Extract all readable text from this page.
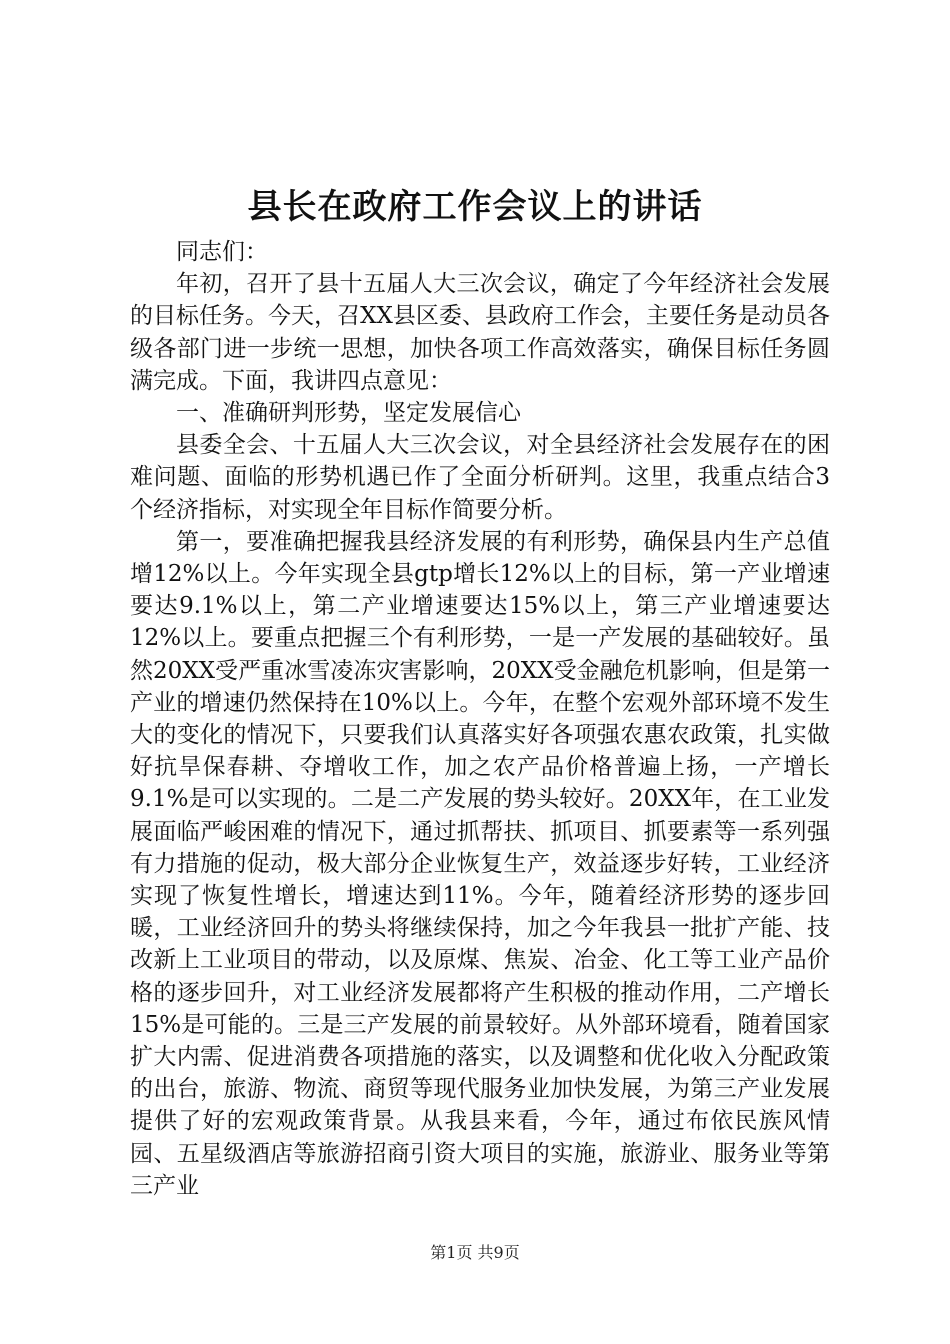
县长在政府工作会议上的讲话

同志们：

年初，召开了县十五届人大三次会议，确定了今年经济社会发展的目标任务。今天，召XX县区委、县政府工作会，主要任务是动员各级各部门进一步统一思想，加快各项工作高效落实，确保目标任务圆满完成。下面，我讲四点意见：

一、准确研判形势，坚定发展信心

县委全会、十五届人大三次会议，对全县经济社会发展存在的困难问题、面临的形势机遇已作了全面分析研判。这里，我重点结合3个经济指标，对实现全年目标作简要分析。

第一，要准确把握我县经济发展的有利形势，确保县内生产总值增12%以上。今年实现全县gtp增长12%以上的目标，第一产业增速要达9.1%以上，第二产业增速要达15%以上，第三产业增速要达12%以上。要重点把握三个有利形势，一是一产发展的基础较好。虽然20XX受严重冰雪凌冻灾害影响，20XX受金融危机影响，但是第一产业的增速仍然保持在10%以上。今年，在整个宏观外部环境不发生大的变化的情况下，只要我们认真落实好各项强农惠农政策，扎实做好抗旱保春耕、夺增收工作，加之农产品价格普遍上扬，一产增长9.1%是可以实现的。二是二产发展的势头较好。20XX年，在工业发展面临严峻困难的情况下，通过抓帮扶、抓项目、抓要素等一系列强有力措施的促动，极大部分企业恢复生产，效益逐步好转，工业经济实现了恢复性增长，增速达到11%。今年，随着经济形势的逐步回暖，工业经济回升的势头将继续保持，加之今年我县一批扩产能、技改新上工业项目的带动，以及原煤、焦炭、冶金、化工等工业产品价格的逐步回升，对工业经济发展都将产生积极的推动作用，二产增长15%是可能的。三是三产发展的前景较好。从外部环境看，随着国家扩大内需、促进消费各项措施的落实，以及调整和优化收入分配政策的出台，旅游、物流、商贸等现代服务业加快发展，为第三产业发展提供了好的宏观政策背景。从我县来看，今年，通过布依民族风情园、五星级酒店等旅游招商引资大项目的实施，旅游业、服务业等第三产业

第1页 共9页
